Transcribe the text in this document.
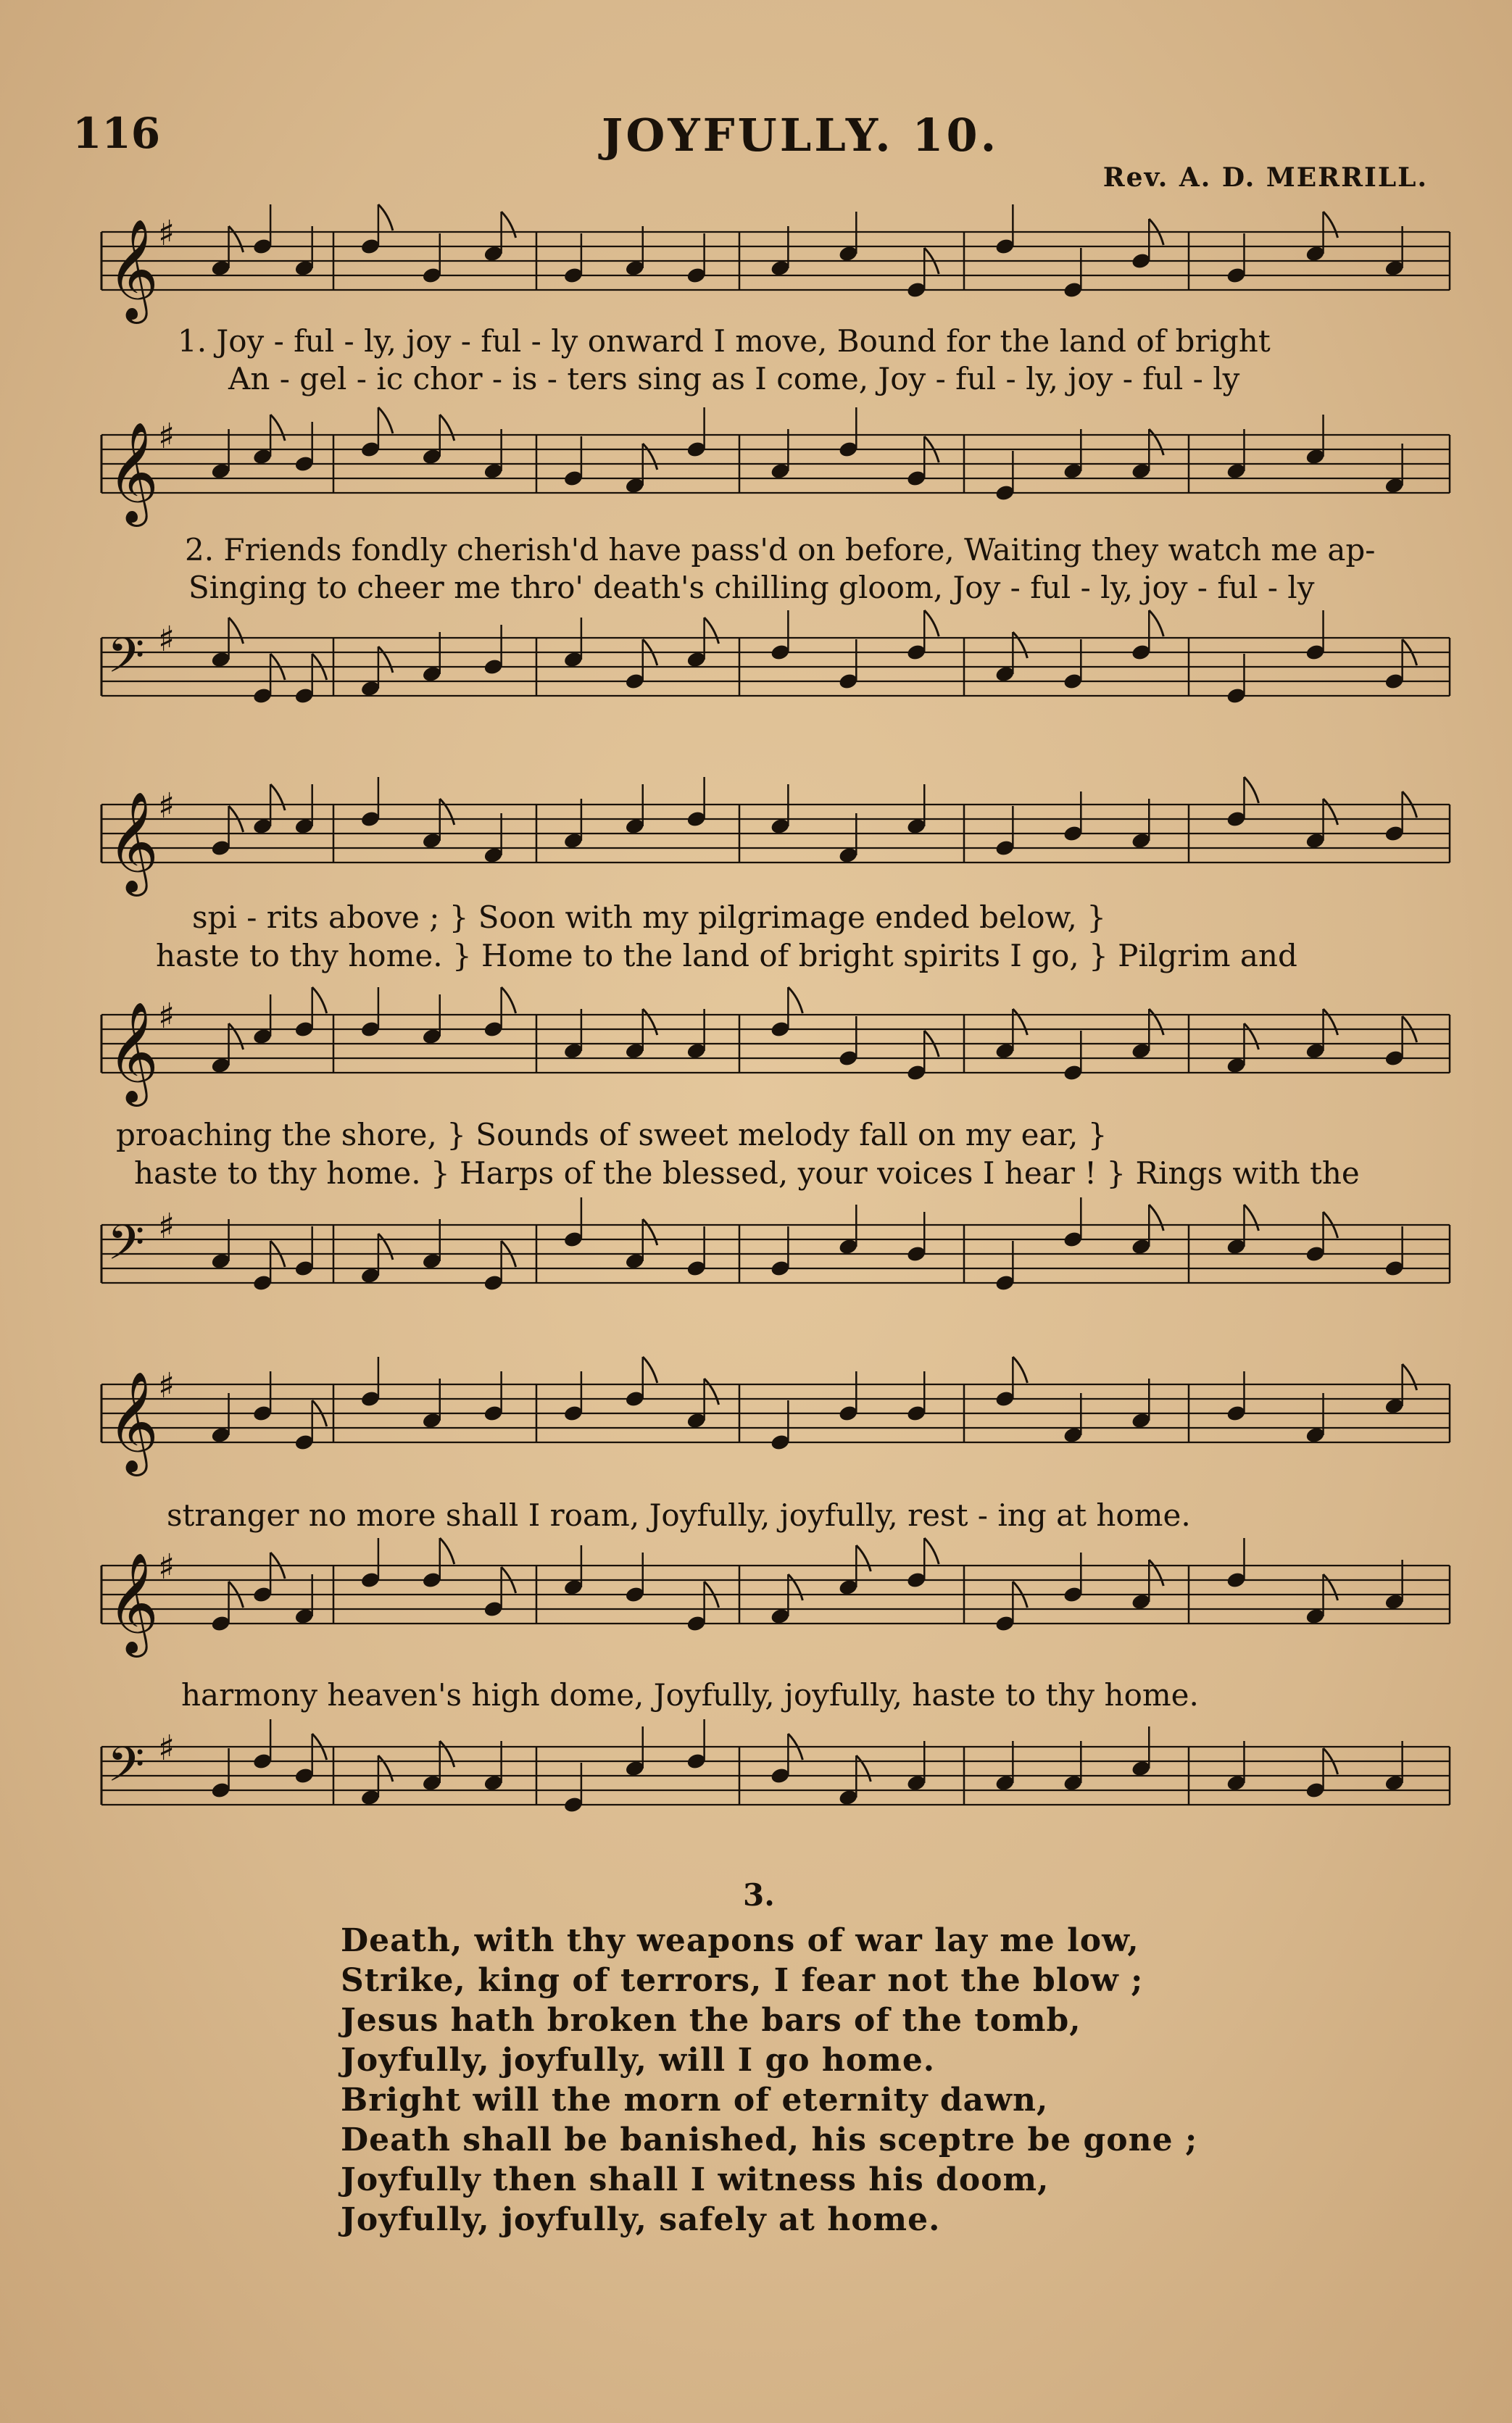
116	JOYFULLY. 10.
Rev. A. D. MERRILL.
𝄞 ♯
1. Joy - ful - ly, joy - ful - ly onward I move, Bound for the land of bright
An - gel - ic chor - is - ters sing as I come, Joy - ful - ly, joy - ful - ly
𝄞 ♯
2. Friends fondly cherish'd have pass'd on before, Waiting they watch me ap-
Singing to cheer me thro' death's chilling gloom, Joy - ful - ly, joy - ful - ly
𝄢 ♯
𝄞 ♯
spi - rits above ; } Soon with my pilgrimage ended below, }
haste to thy home. } Home to the land of bright spirits I go, } Pilgrim and
𝄞 ♯
proaching the shore, } Sounds of sweet melody fall on my ear, }
haste to thy home. } Harps of the blessed, your voices I hear ! } Rings with the
𝄢 ♯
𝄞 ♯
stranger no more shall I roam, Joyfully, joyfully, rest - ing at home.
𝄞 ♯
harmony heaven's high dome, Joyfully, joyfully, haste to thy home.
𝄢 ♯
3.
Death, with thy weapons of war lay me low,
Strike, king of terrors, I fear not the blow ;
Jesus hath broken the bars of the tomb,
Joyfully, joyfully, will I go home.
Bright will the morn of eternity dawn,
Death shall be banished, his sceptre be gone ;
Joyfully then shall I witness his doom,
Joyfully, joyfully, safely at home.
